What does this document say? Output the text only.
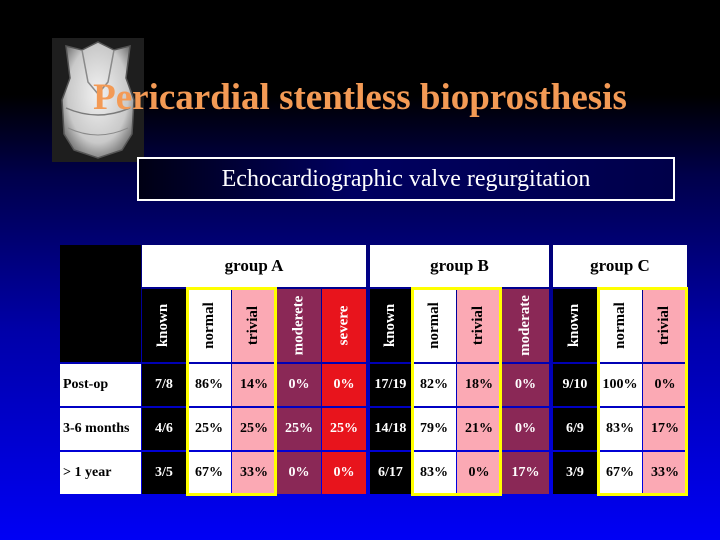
Pericardial stentless bioprosthesis
Echocardiographic valve regurgitation
group A	group B	group C
known normal trivial moderete severe known normal trivial moderate known normal trivial
Post-op	7/8	86%	14%	0%	0%	17/19 82%	18%	0%	9/10	100%	0%
3-6 months	4/6	25%	25%	25%	25%	14/18 79%	21%	0%	6/9	83%	17%
> 1 year	3/5	67%	33%	0%	0%	6/17	83%	0%	17%	3/9	67%	33%
